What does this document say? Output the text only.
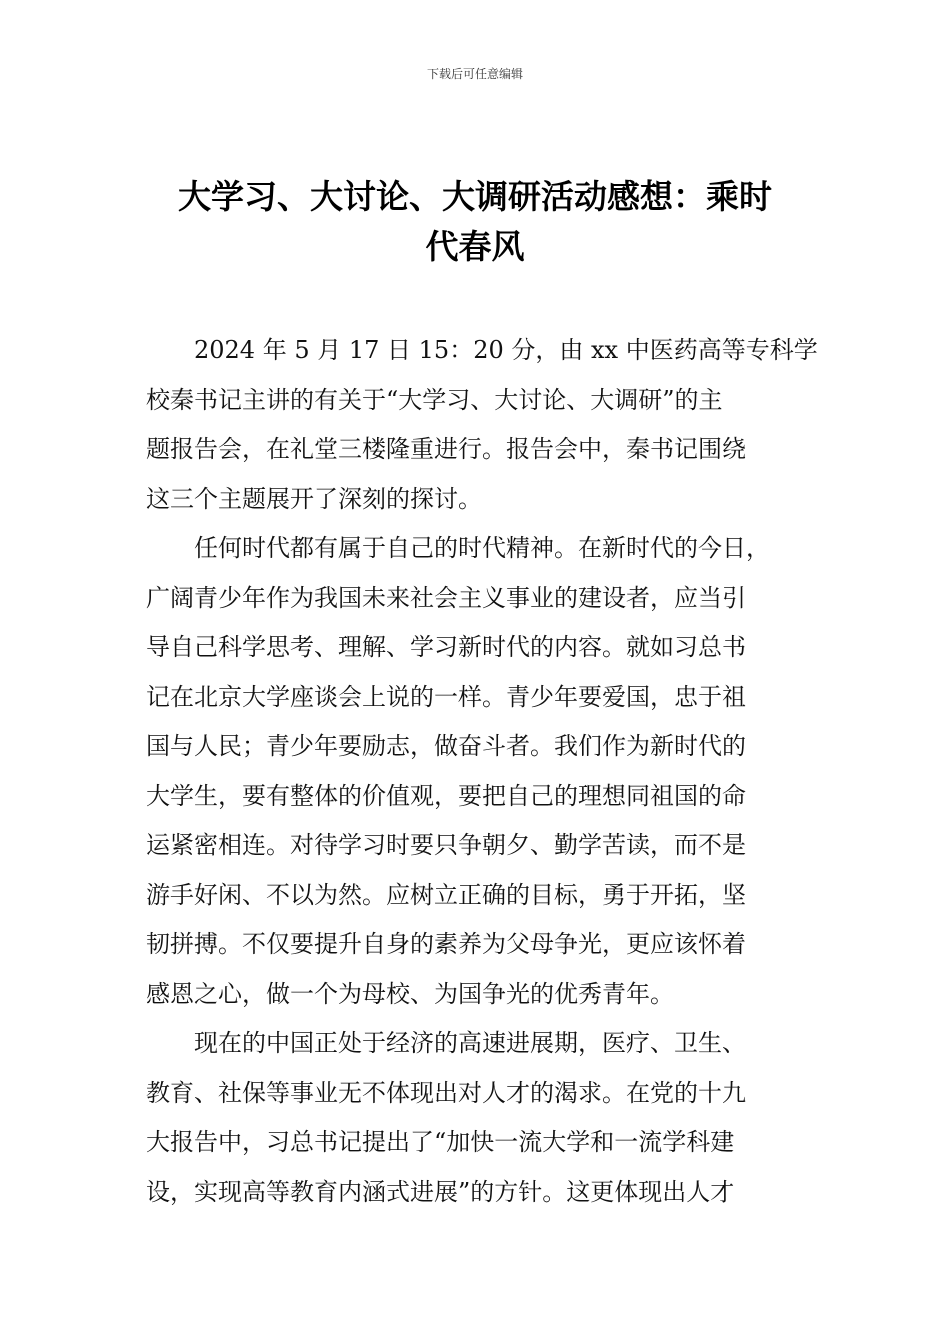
下载后可任意编辑
大学习、大讨论、大调研活动感想：乘时
代春风

2024 年 5 月 17 日 15：20 分，由 xx 中医药高等专科学
校秦书记主讲的有关于“大学习、大讨论、大调研”的主
题报告会，在礼堂三楼隆重进行。报告会中，秦书记围绕
这三个主题展开了深刻的探讨。

任何时代都有属于自己的时代精神。在新时代的今日，
广阔青少年作为我国未来社会主义事业的建设者，应当引
导自己科学思考、理解、学习新时代的内容。就如习总书
记在北京大学座谈会上说的一样。青少年要爱国，忠于祖
国与人民；青少年要励志，做奋斗者。我们作为新时代的
大学生，要有整体的价值观，要把自己的理想同祖国的命
运紧密相连。对待学习时要只争朝夕、勤学苦读，而不是
游手好闲、不以为然。应树立正确的目标，勇于开拓，坚
韧拼搏。不仅要提升自身的素养为父母争光，更应该怀着
感恩之心，做一个为母校、为国争光的优秀青年。

现在的中国正处于经济的高速进展期，医疗、卫生、
教育、社保等事业无不体现出对人才的渴求。在党的十九
大报告中，习总书记提出了“加快一流大学和一流学科建
设，实现高等教育内涵式进展”的方针。这更体现出人才
